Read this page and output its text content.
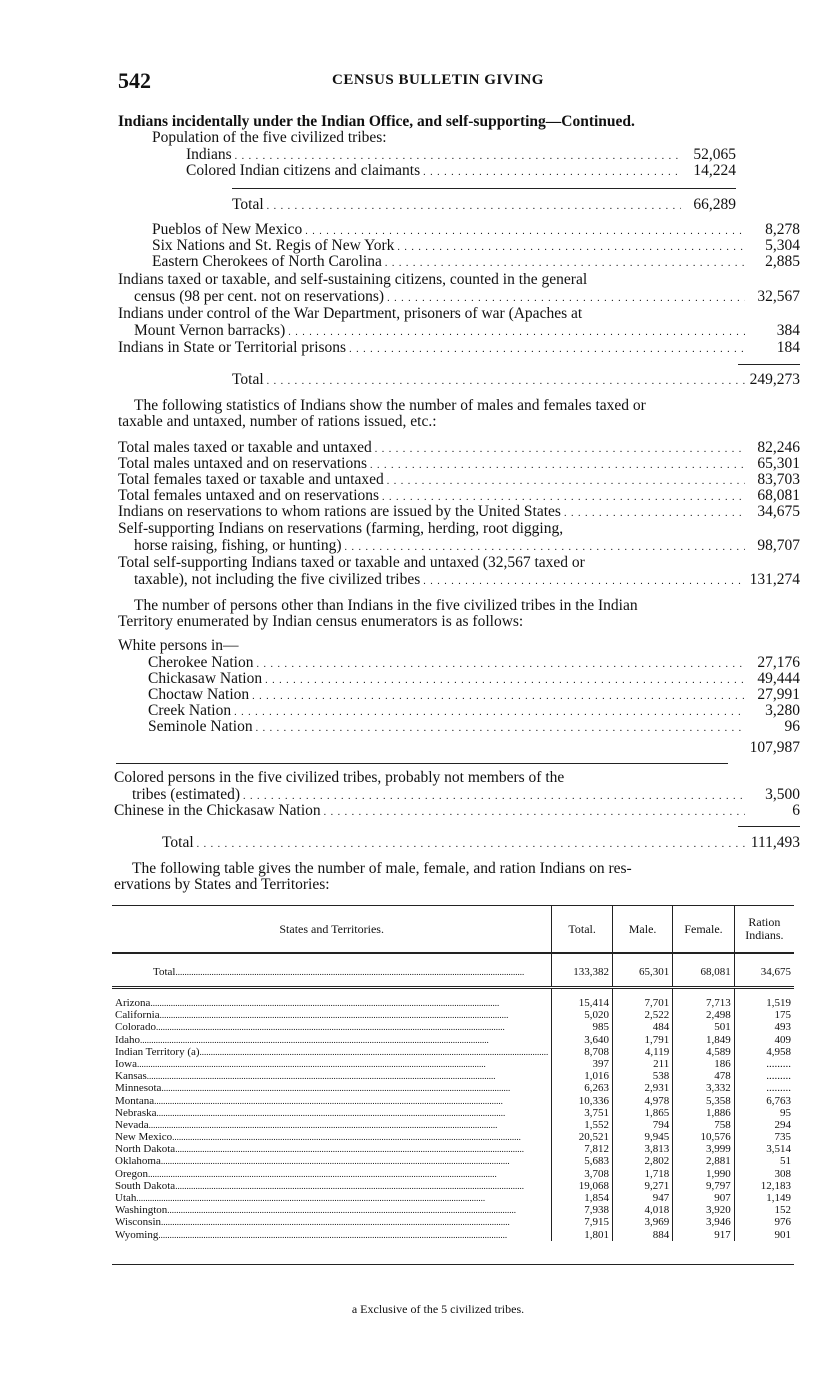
542	CENSUS BULLETIN GIVING
Indians incidentally under the Indian Office, and self-supporting—Continued.
Population of the five civilized tribes:
Indians . . .	52,065
Colored Indian citizens and claimants . . .	14,224
Total . . .	66,289
Pueblos of New Mexico . . .	8,278
Six Nations and St. Regis of New York . . .	5,304
Eastern Cherokees of North Carolina . . .	2,885
Indians taxed or taxable, and self-sustaining citizens, counted in the general
census (98 per cent. not on reservations) . . .	32,567
Indians under control of the War Department, prisoners of war (Apaches at
Mount Vernon barracks) . . .	384
Indians in State or Territorial prisons . . .	184
Total . . .	249,273
The following statistics of Indians show the number of males and females taxed or
taxable and untaxed, number of rations issued, etc.:
Total males taxed or taxable and untaxed . . .	82,246
Total males untaxed and on reservations . . .	65,301
Total females taxed or taxable and untaxed . . .	83,703
Total females untaxed and on reservations . . .	68,081
Indians on reservations to whom rations are issued by the United States . . .	34,675
Self-supporting Indians on reservations (farming, herding, root digging,
horse raising, fishing, or hunting) . . .	98,707
Total self-supporting Indians taxed or taxable and untaxed (32,567 taxed or
taxable), not including the five civilized tribes . . .	131,274
The number of persons other than Indians in the five civilized tribes in the Indian
Territory enumerated by Indian census enumerators is as follows:
White persons in—
Cherokee Nation . . .	27,176
Chickasaw Nation . . .	49,444
Choctaw Nation . . .	27,991
Creek Nation . . .	3,280
Seminole Nation . . .	96
107,987
Colored persons in the five civilized tribes, probably not members of the
tribes (estimated) . . .	3,500
Chinese in the Chickasaw Nation . . .	6
Total . . .	111,493
The following table gives the number of male, female, and ration Indians on res-
ervations by States and Territories:
States and Territories.	Total.	Male.	Female.	Ration Indians.

Total
.....	133,382	65,301	68,081	34,675

Arizona
.....	15,414	7,701	7,713	1,519

California
.....	5,020	2,522	2,498	175

Colorado
.....	985	484	501	493

Idaho
.....	3,640	1,791	1,849	409

Indian Territory (a)
.....	8,708	4,119	4,589	4,958

Iowa
.....	397	211	186	.........

Kansas
.....	1,016	538	478	.........

Minnesota
.....	6,263	2,931	3,332	.........

Montana
.....	10,336	4,978	5,358	6,763

Nebraska
.....	3,751	1,865	1,886	95

Nevada
.....	1,552	794	758	294

New Mexico
.....	20,521	9,945	10,576	735

North Dakota
.....	7,812	3,813	3,999	3,514

Oklahoma
.....	5,683	2,802	2,881	51

Oregon
.....	3,708	1,718	1,990	308

South Dakota
.....	19,068	9,271	9,797	12,183

Utah
.....	1,854	947	907	1,149

Washington
.....	7,938	4,018	3,920	152

Wisconsin
.....	7,915	3,969	3,946	976

Wyoming
.....	1,801	884	917	901
a Exclusive of the 5 civilized tribes.
